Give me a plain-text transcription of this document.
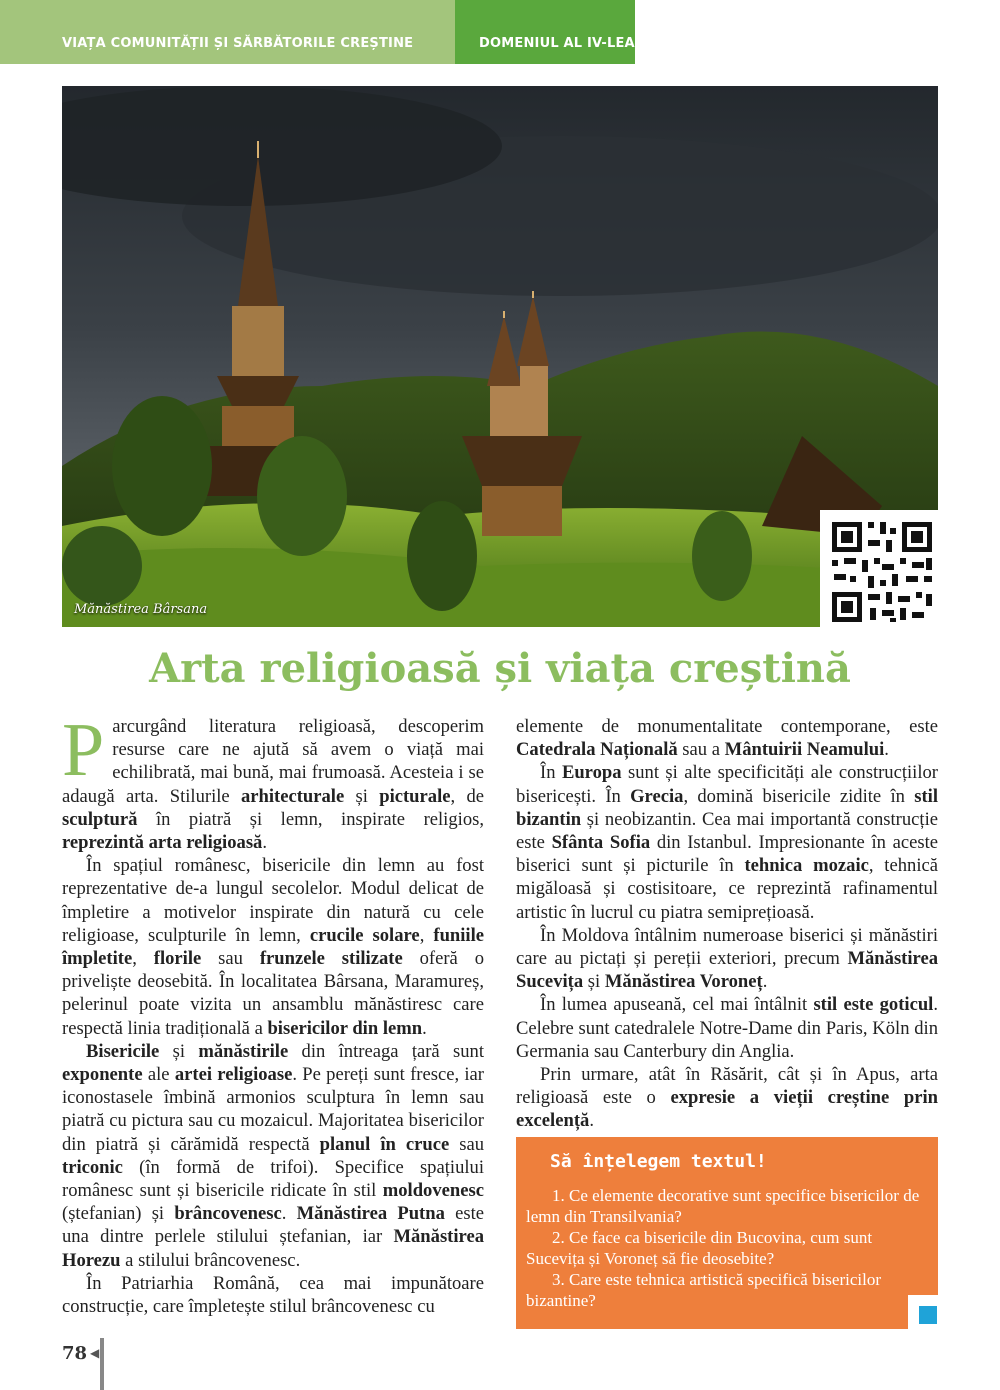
VIAȚA COMUNITĂȚII ȘI SĂRBĂTORILE CREȘTINE	DOMENIUL AL IV-LEA
Mănăstirea Bârsana
Arta religioasă și viața creștină

Parcurgând literatura religioasă, descoperim resurse care ne ajută să avem o viață mai echilibrată, mai bună, mai frumoasă. Acesteia i se adaugă arta. Stilurile arhitecturale și picturale, de sculptură în piatră și lemn, inspirate religios, reprezintă arta religioasă.

În spațiul românesc, bisericile din lemn au fost reprezentative de-a lungul secolelor. Modul delicat de împletire a motivelor inspirate din natură cu cele religioase, sculpturile în lemn, crucile solare, funiile împletite, florile sau frunzele stilizate oferă o priveliște deosebită. În localitatea Bârsana, Maramureș, pelerinul poate vizita un ansamblu mănăstiresc care respectă linia tradițională a bisericilor din lemn.

Bisericile și mănăstirile din întreaga țară sunt exponente ale artei religioase. Pe pereți sunt fresce, iar iconostasele îmbină armonios sculptura în lemn sau piatră cu pictura sau cu mozaicul. Majoritatea bisericilor din piatră și cărămidă respectă planul în cruce sau triconic (în formă de trifoi). Specifice spațiului românesc sunt și bisericile ridicate în stil moldovenesc (ștefanian) și brâncovenesc. Mănăstirea Putna este una dintre perlele stilului ștefanian, iar Mănăstirea Horezu a stilului brâncovenesc.

În Patriarhia Română, cea mai impunătoare construcție, care împletește stilul brâncovenesc cu

elemente de monumentalitate contemporane, este Catedrala Națională sau a Mântuirii Neamului.

În Europa sunt și alte specificități ale construcțiilor bisericești. În Grecia, domină bisericile zidite în stil bizantin și neobizantin. Cea mai importantă construcție este Sfânta Sofia din Istanbul. Impresionante în aceste biserici sunt și picturile în tehnica mozaic, tehnică migăloasă și costisitoare, ce reprezintă rafinamentul artistic în lucrul cu piatra semiprețioasă.

În Moldova întâlnim numeroase biserici și mănăstiri care au pictați și pereții exteriori, precum Mănăstirea Sucevița și Mănăstirea Voroneț.

În lumea apuseană, cel mai întâlnit stil este goticul. Celebre sunt catedralele Notre-Dame din Paris, Köln din Germania sau Canterbury din Anglia.

Prin urmare, atât în Răsărit, cât și în Apus, arta religioasă este o expresie a vieții creștine prin excelență.

Să înțelegem textul!

1. Ce elemente decorative sunt specifice bisericilor de lemn din Transilvania?

2. Ce face ca bisericile din Bucovina, cum sunt Sucevița și Voroneț să fie deosebite?

3. Care este tehnica artistică specifică bisericilor bizantine?

78 ◀
